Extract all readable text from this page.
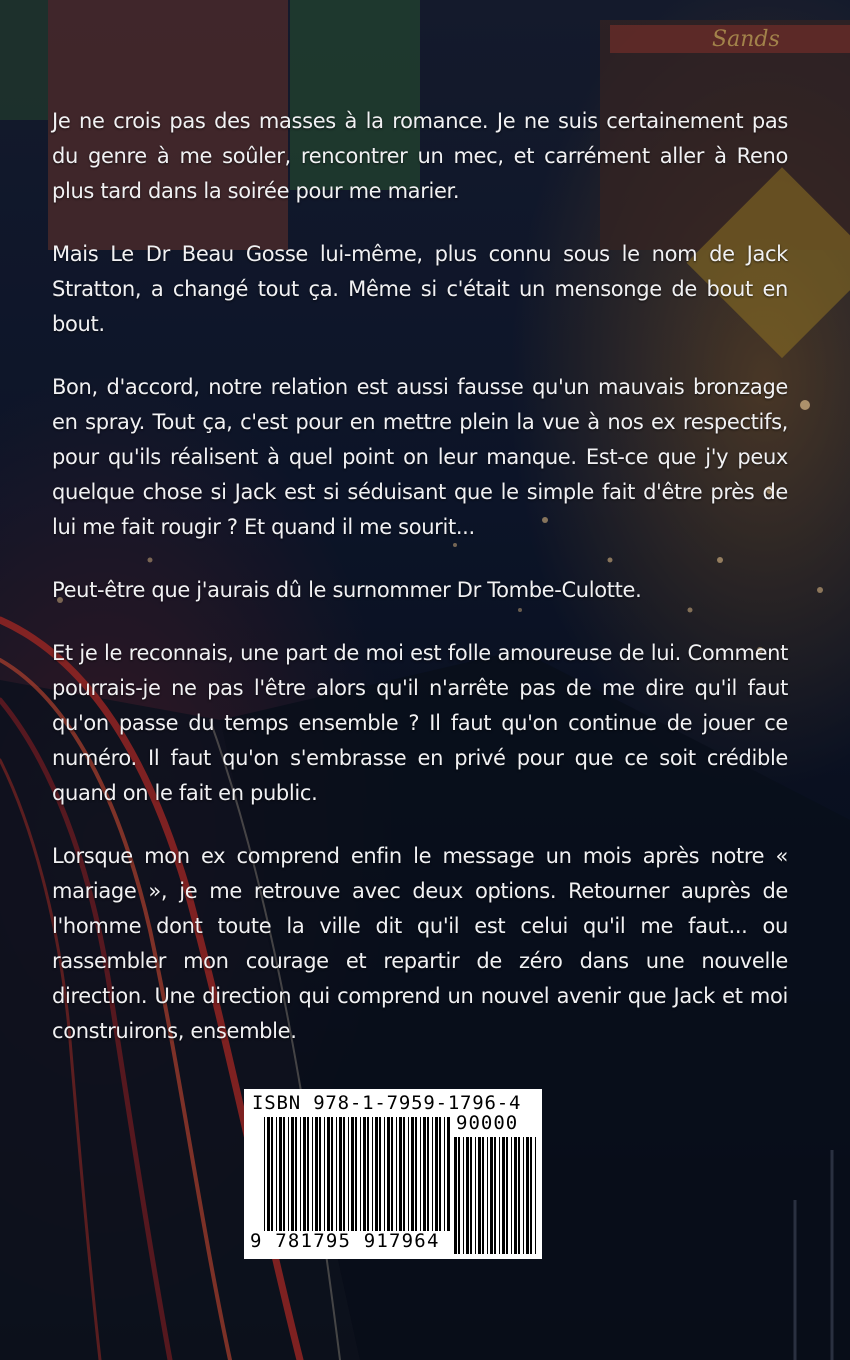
Sands

Je ne crois pas des masses à la romance. Je ne suis certainement pas du genre à me soûler, rencontrer un mec, et carrément aller à Reno plus tard dans la soirée pour me marier.

Mais Le Dr Beau Gosse lui-même, plus connu sous le nom de Jack Stratton, a changé tout ça. Même si c'était un mensonge de bout en bout.

Bon, d'accord, notre relation est aussi fausse qu'un mauvais bronzage en spray. Tout ça, c'est pour en mettre plein la vue à nos ex respectifs, pour qu'ils réalisent à quel point on leur manque. Est-ce que j'y peux quelque chose si Jack est si séduisant que le simple fait d'être près de lui me fait rougir ? Et quand il me sourit...

Peut-être que j'aurais dû le surnommer Dr Tombe-Culotte.

Et je le reconnais, une part de moi est folle amoureuse de lui. Comment pourrais-je ne pas l'être alors qu'il n'arrête pas de me dire qu'il faut qu'on passe du temps ensemble ? Il faut qu'on continue de jouer ce numéro. Il faut qu'on s'embrasse en privé pour que ce soit crédible quand on le fait en public.

Lorsque mon ex comprend enfin le message un mois après notre « mariage », je me retrouve avec deux options. Retourner auprès de l'homme dont toute la ville dit qu'il est celui qu'il me faut... ou rassembler mon courage et repartir de zéro dans une nouvelle direction. Une direction qui comprend un nouvel avenir que Jack et moi construirons, ensemble.

ISBN 978-1-7959-1796-4
90000
9 781795 917964
